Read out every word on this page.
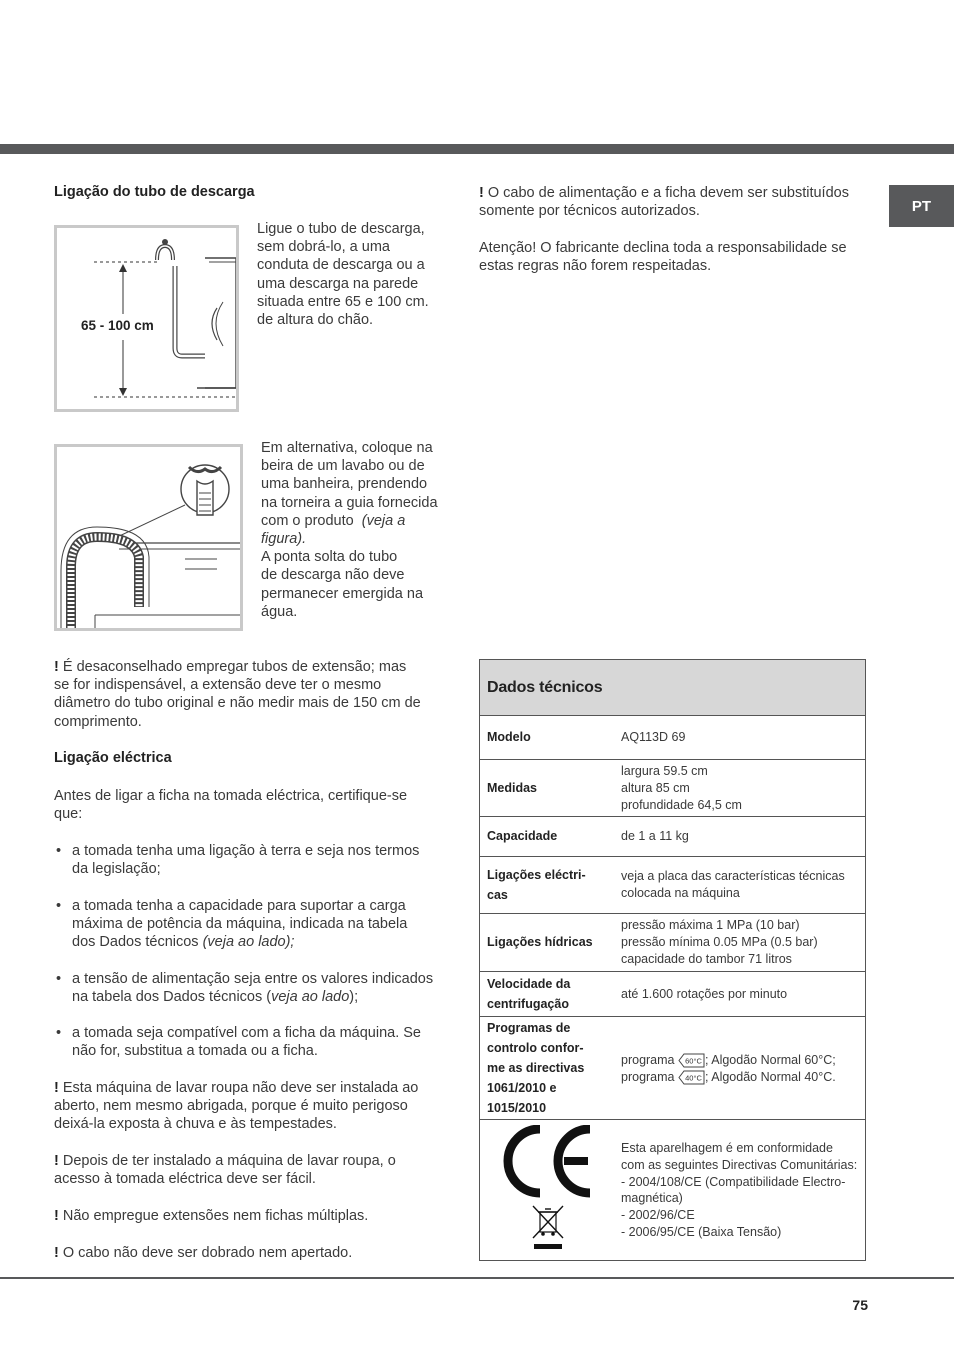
PT
Ligação do tubo de descarga
65 - 100 cm
Ligue o tubo de descarga,
sem dobrá-lo, a uma
conduta de descarga ou a
uma descarga na parede
situada entre 65 e 100 cm.
de altura do chão.
Em alternativa, coloque na
beira de um lavabo ou de
uma banheira, prendendo
na torneira a guia fornecida
com o produto (veja a
figura).
A ponta solta do tubo
de descarga não deve
permanecer emergida na
água.
! É desaconselhado empregar tubos de extensão; mas
se for indispensável, a extensão deve ter o mesmo
diâmetro do tubo original e não medir mais de 150 cm de
comprimento.
Ligação eléctrica
Antes de ligar a ficha na tomada eléctrica, certifique-se
que:
• a tomada tenha uma ligação à terra e seja nos termos
da legislação;
• a tomada tenha a capacidade para suportar a carga
máxima de potência da máquina, indicada na tabela
dos Dados técnicos (veja ao lado);
• a tensão de alimentação seja entre os valores indicados
na tabela dos Dados técnicos (veja ao lado);
• a tomada seja compatível com a ficha da máquina. Se
não for, substitua a tomada ou a ficha.
! Esta máquina de lavar roupa não deve ser instalada ao
aberto, nem mesmo abrigada, porque é muito perigoso
deixá-la exposta à chuva e às tempestades.
! Depois de ter instalado a máquina de lavar roupa, o
acesso à tomada eléctrica deve ser fácil.
! Não empregue extensões nem fichas múltiplas.
! O cabo não deve ser dobrado nem apertado.
! O cabo de alimentação e a ficha devem ser substituídos
somente por técnicos autorizados.
Atenção! O fabricante declina toda a responsabilidade se
estas regras não forem respeitadas.
Dados técnicos
Modelo	AQ113D 69
Medidas
largura 59.5 cm
altura 85 cm
profundidade 64,5 cm
Capacidade	de 1 a 11 kg
Ligações eléctri-
cas
veja a placa das características técnicas
colocada na máquina
Ligações hídricas
pressão máxima 1 MPa (10 bar)
pressão mínima 0.05 MPa (0.5 bar)
capacidade do tambor 71 litros
Velocidade da
centrifugação
até 1.600 rotações por minuto
Programas de
controlo confor-
me as directivas
1061/2010 e
1015/2010
programa 60°C ; Algodão Normal 60°C;
programa 40°C ; Algodão Normal 40°C.
Esta aparelhagem é em conformidade
com as seguintes Directivas Comunitárias:
- 2004/108/CE (Compatibilidade Electro-
magnética)
- 2002/96/CE
- 2006/95/CE (Baixa Tensão)
75
